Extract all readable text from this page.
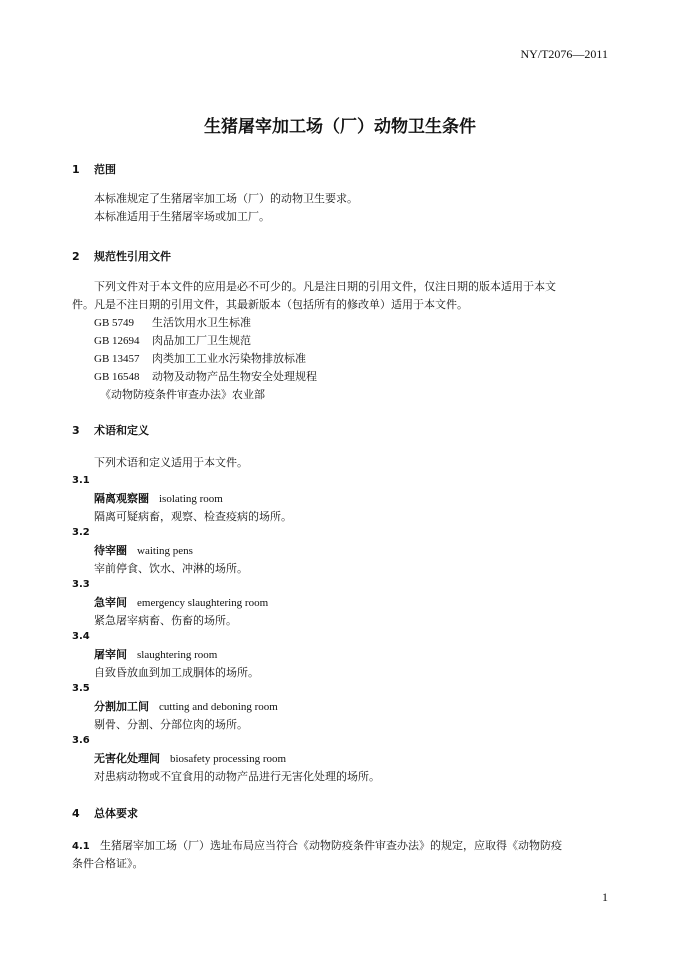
NY/T2076—2011
生猪屠宰加工场（厂）动物卫生条件
1 范围
本标准规定了生猪屠宰加工场（厂）的动物卫生要求。
本标准适用于生猪屠宰场或加工厂。
2 规范性引用文件
下列文件对于本文件的应用是必不可少的。凡是注日期的引用文件，仅注日期的版本适用于本文
件。凡是不注日期的引用文件，其最新版本（包括所有的修改单）适用于本文件。
GB 5749 生活饮用水卫生标准
GB 12694 肉品加工厂卫生规范
GB 13457 肉类加工工业水污染物排放标准
GB 16548 动物及动物产品生物安全处理规程
《动物防疫条件审查办法》农业部
3 术语和定义
下列术语和定义适用于本文件。
3.1
隔离观察圈 isolating room
隔离可疑病畜，观察、检查疫病的场所。
3.2
待宰圈 waiting pens
宰前停食、饮水、冲淋的场所。
3.3
急宰间 emergency slaughtering room
紧急屠宰病畜、伤畜的场所。
3.4
屠宰间 slaughtering room
自致昏放血到加工成胴体的场所。
3.5
分割加工间 cutting and deboning room
剔骨、分割、分部位肉的场所。
3.6
无害化处理间 biosafety processing room
对患病动物或不宜食用的动物产品进行无害化处理的场所。
4 总体要求
4.1 生猪屠宰加工场（厂）选址布局应当符合《动物防疫条件审查办法》的规定，应取得《动物防疫
条件合格证》。
1
